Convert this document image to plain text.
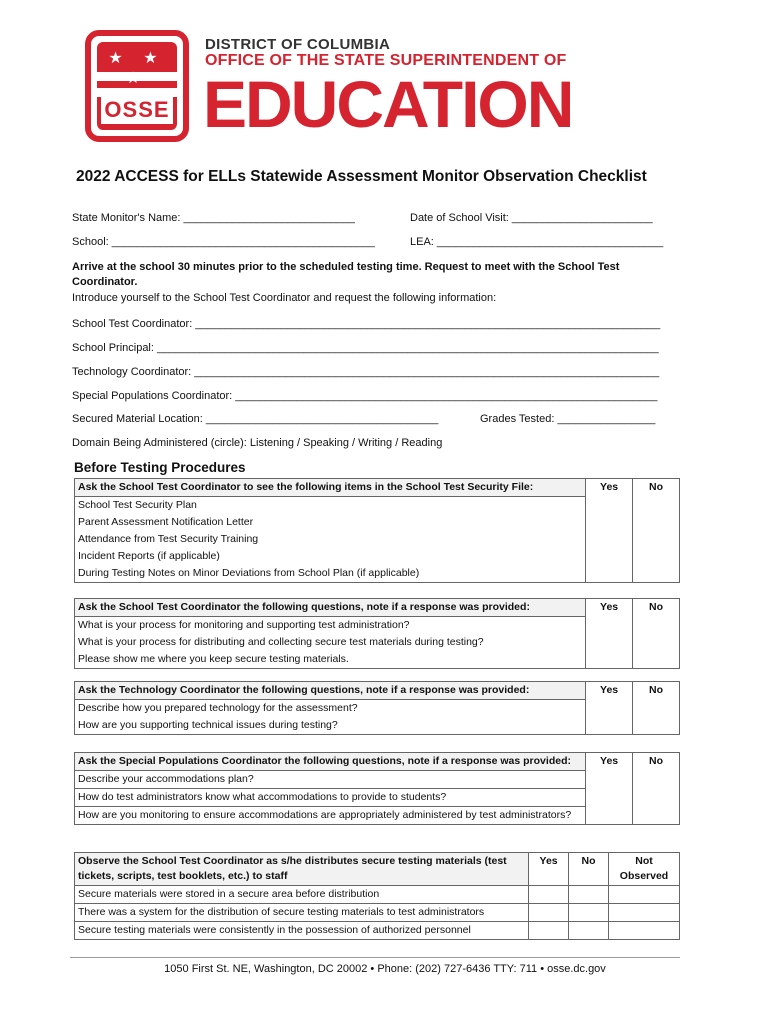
★ ★
OSSE
DISTRICT OF COLUMBIA
OFFICE OF THE STATE SUPERINTENDENT OF
EDUCATION
2022 ACCESS for ELLs Statewide Assessment Monitor Observation Checklist
State Monitor's Name: ____________________________	Date of School Visit: _______________________
School: ___________________________________________	LEA: _____________________________________
Arrive at the school 30 minutes prior to the scheduled testing time. Request to meet with the School Test
Coordinator.
Introduce yourself to the School Test Coordinator and request the following information:
School Test Coordinator: ____________________________________________________________________________
School Principal: __________________________________________________________________________________
Technology Coordinator: ____________________________________________________________________________
Special Populations Coordinator: _____________________________________________________________________
Secured Material Location: ______________________________________	Grades Tested: ________________
Domain Being Administered (circle): Listening / Speaking / Writing / Reading
Before Testing Procedures
Ask the School Test Coordinator to see the following items in the School Test Security File:	Yes	No
School Test Security Plan
Parent Assessment Notification Letter
Attendance from Test Security Training
Incident Reports (if applicable)
During Testing Notes on Minor Deviations from School Plan (if applicable)
Ask the School Test Coordinator the following questions, note if a response was provided:	Yes	No
What is your process for monitoring and supporting test administration?
What is your process for distributing and collecting secure test materials during testing?
Please show me where you keep secure testing materials.
Ask the Technology Coordinator the following questions, note if a response was provided:	Yes	No
Describe how you prepared technology for the assessment?
How are you supporting technical issues during testing?
Ask the Special Populations Coordinator the following questions, note if a response was provided:	Yes	No
Describe your accommodations plan?
How do test administrators know what accommodations to provide to students?
How are you monitoring to ensure accommodations are appropriately administered by test administrators?
Observe the School Test Coordinator as s/he distributes secure testing materials (test tickets, scripts, test booklets, etc.) to staff	Yes	No	Not Observed
Secure materials were stored in a secure area before distribution			
There was a system for the distribution of secure testing materials to test administrators			
Secure testing materials were consistently in the possession of authorized personnel			
1050 First St. NE, Washington, DC 20002 • Phone: (202) 727-6436 TTY: 711 • osse.dc.gov
